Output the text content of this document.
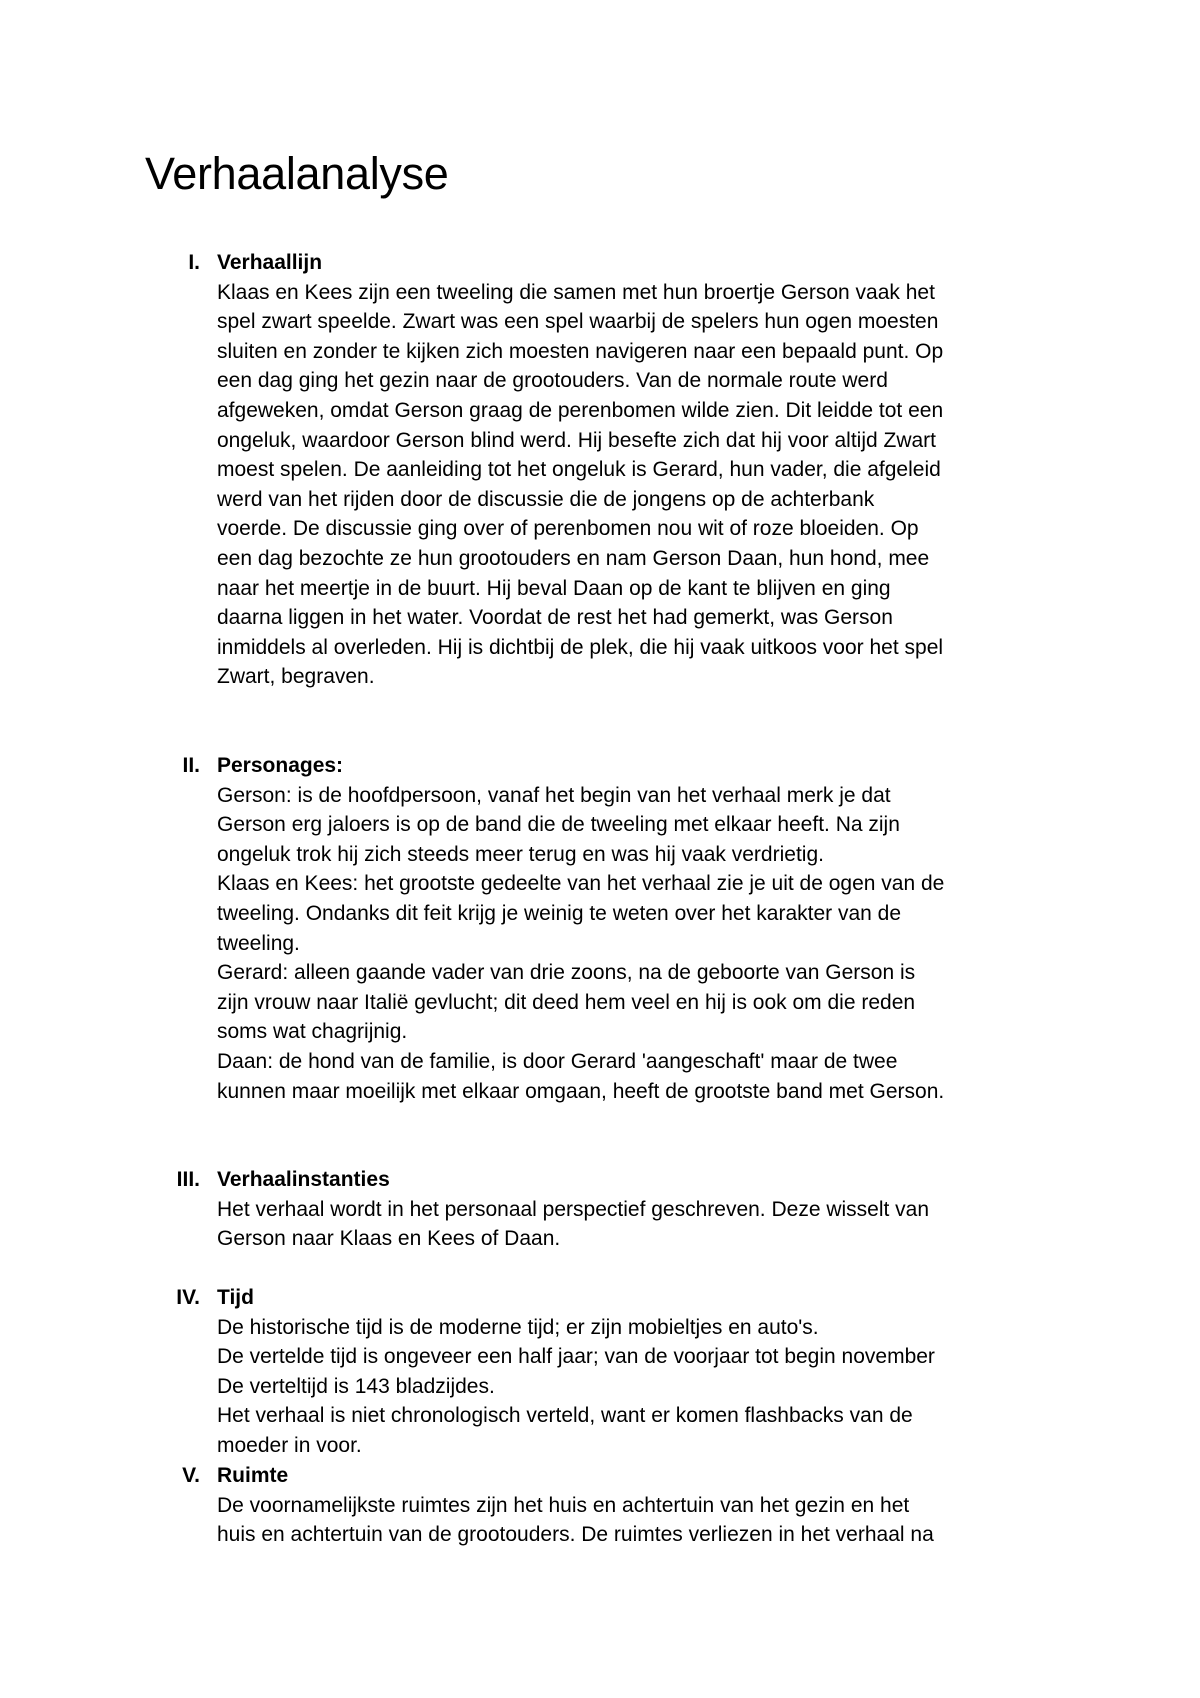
Verhaalanalyse
I. Verhaallijn
Klaas en Kees zijn een tweeling die samen met hun broertje Gerson vaak het
spel zwart speelde. Zwart was een spel waarbij de spelers hun ogen moesten
sluiten en zonder te kijken zich moesten navigeren naar een bepaald punt. Op
een dag ging het gezin naar de grootouders. Van de normale route werd
afgeweken, omdat Gerson graag de perenbomen wilde zien. Dit leidde tot een
ongeluk, waardoor Gerson blind werd. Hij besefte zich dat hij voor altijd Zwart
moest spelen. De aanleiding tot het ongeluk is Gerard, hun vader, die afgeleid
werd van het rijden door de discussie die de jongens op de achterbank
voerde. De discussie ging over of perenbomen nou wit of roze bloeiden. Op
een dag bezochte ze hun grootouders en nam Gerson Daan, hun hond, mee
naar het meertje in de buurt. Hij beval Daan op de kant te blijven en ging
daarna liggen in het water. Voordat de rest het had gemerkt, was Gerson
inmiddels al overleden. Hij is dichtbij de plek, die hij vaak uitkoos voor het spel
Zwart, begraven.
II. Personages:
Gerson: is de hoofdpersoon, vanaf het begin van het verhaal merk je dat
Gerson erg jaloers is op de band die de tweeling met elkaar heeft. Na zijn
ongeluk trok hij zich steeds meer terug en was hij vaak verdrietig.
Klaas en Kees: het grootste gedeelte van het verhaal zie je uit de ogen van de
tweeling. Ondanks dit feit krijg je weinig te weten over het karakter van de
tweeling.
Gerard: alleen gaande vader van drie zoons, na de geboorte van Gerson is
zijn vrouw naar Italië gevlucht; dit deed hem veel en hij is ook om die reden
soms wat chagrijnig.
Daan: de hond van de familie, is door Gerard 'aangeschaft' maar de twee
kunnen maar moeilijk met elkaar omgaan, heeft de grootste band met Gerson.
III. Verhaalinstanties
Het verhaal wordt in het personaal perspectief geschreven. Deze wisselt van
Gerson naar Klaas en Kees of Daan.
IV. Tijd
De historische tijd is de moderne tijd; er zijn mobieltjes en auto's.
De vertelde tijd is ongeveer een half jaar; van de voorjaar tot begin november
De verteltijd is 143 bladzijdes.
Het verhaal is niet chronologisch verteld, want er komen flashbacks van de
moeder in voor.
V. Ruimte
De voornamelijkste ruimtes zijn het huis en achtertuin van het gezin en het
huis en achtertuin van de grootouders. De ruimtes verliezen in het verhaal na
